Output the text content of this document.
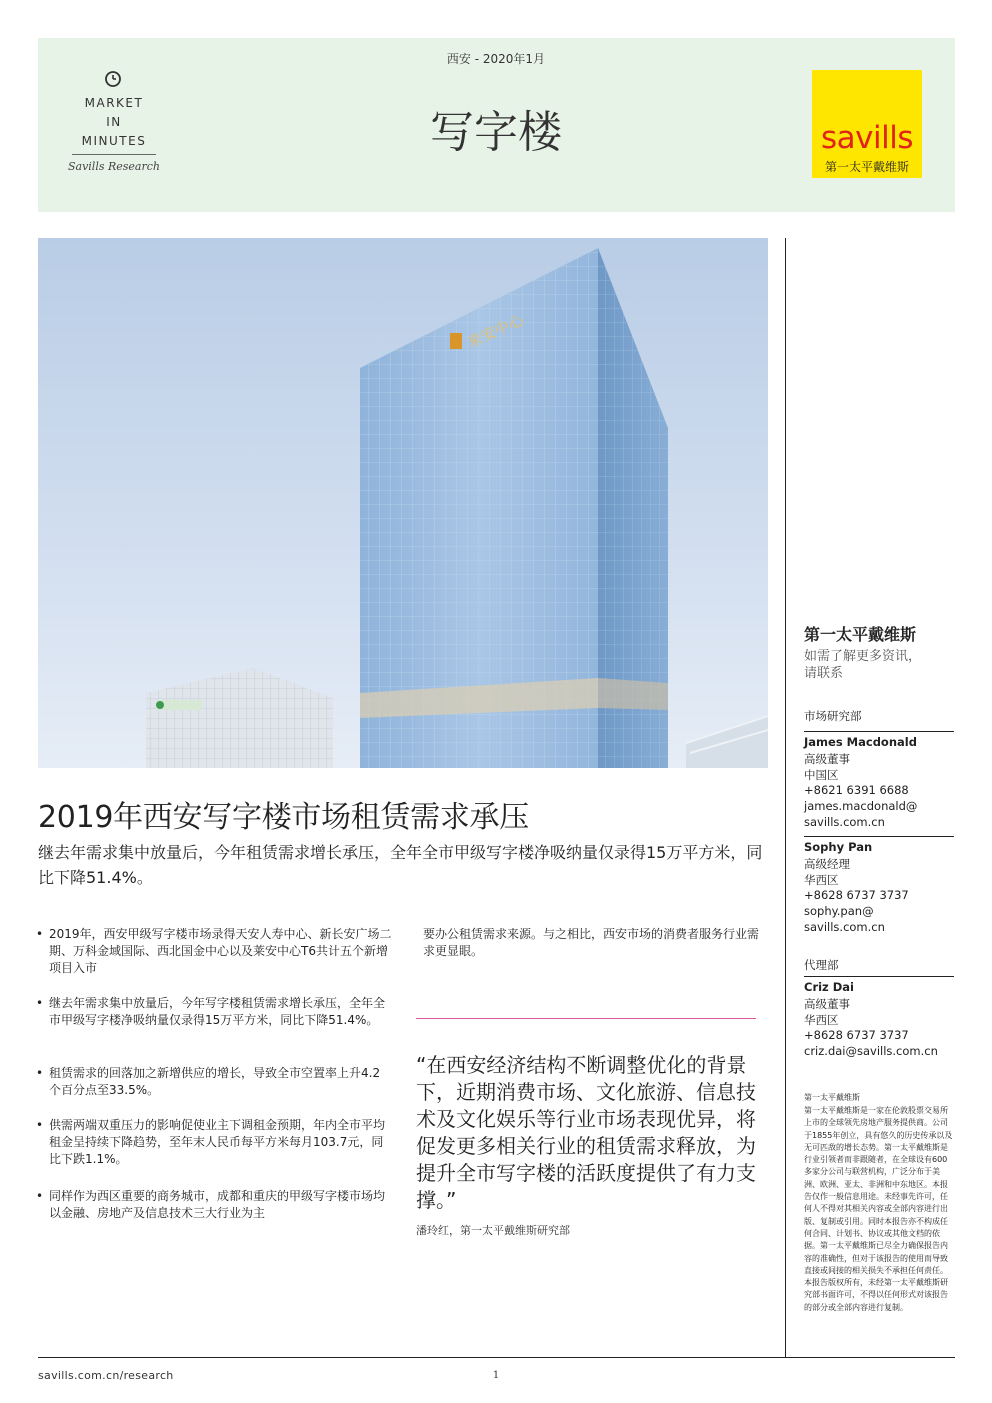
MARKET
IN
MINUTES
Savills Research
西安 - 2020年1月
写字楼	savills
第一太平戴维斯
来安中心
2019年西安写字楼市场租赁需求承压
继去年需求集中放量后，今年租赁需求增长承压，全年全市甲级写字楼净吸纳量仅录得15万平方米，同比下降51.4%。
• 2019年，西安甲级写字楼市场录得天安人寿中心、新长安广场二期、万科金域国际、西北国金中心以及莱安中心T6共计五个新增项目入市
• 继去年需求集中放量后，今年写字楼租赁需求增长承压，全年全市甲级写字楼净吸纳量仅录得15万平方米，同比下降51.4%。
• 租赁需求的回落加之新增供应的增长，导致全市空置率上升4.2个百分点至33.5%。
• 供需两端双重压力的影响促使业主下调租金预期，年内全市平均租金呈持续下降趋势，至年末人民币每平方米每月103.7元，同比下跌1.1%。
• 同样作为西区重要的商务城市，成都和重庆的甲级写字楼市场均以金融、房地产及信息技术三大行业为主
要办公租赁需求来源。与之相比，西安市场的消费者服务行业需求更显眼。
“在西安经济结构不断调整优化的背景下，近期消费市场、文化旅游、信息技术及文化娱乐等行业市场表现优异，将促发更多相关行业的租赁需求释放，为提升全市写字楼的活跃度提供了有力支撑。”
潘玲红，第一太平戴维斯研究部
第一太平戴维斯
如需了解更多资讯，
请联系
市场研究部
James Macdonald
高级董事
中国区
+8621 6391 6688
james.macdonald@
savills.com.cn
Sophy Pan
高级经理
华西区
+8628 6737 3737
sophy.pan@
savills.com.cn
代理部
Criz Dai
高级董事
华西区
+8628 6737 3737
criz.dai@savills.com.cn
第一太平戴维斯
第一太平戴维斯是一家在伦敦股票交易所上市的全球领先房地产服务提供商。公司于1855年创立，具有悠久的历史传承以及无可匹敌的增长态势。第一太平戴维斯是行业引领者而非跟随者，在全球设有600多家分公司与联营机构，广泛分布于美洲、欧洲、亚太、非洲和中东地区。本报告仅作一般信息用途。未经事先许可，任何人不得对其相关内容或全部内容进行出版、复制或引用。同时本报告亦不构成任何合同、计划书、协议或其他文档的依据。第一太平戴维斯已尽全力确保报告内容的准确性，但对于该报告的使用而导致直接或间接的相关损失不承担任何责任。本报告版权所有，未经第一太平戴维斯研究部书面许可，不得以任何形式对该报告的部分或全部内容进行复制。
savills.com.cn/research	1
